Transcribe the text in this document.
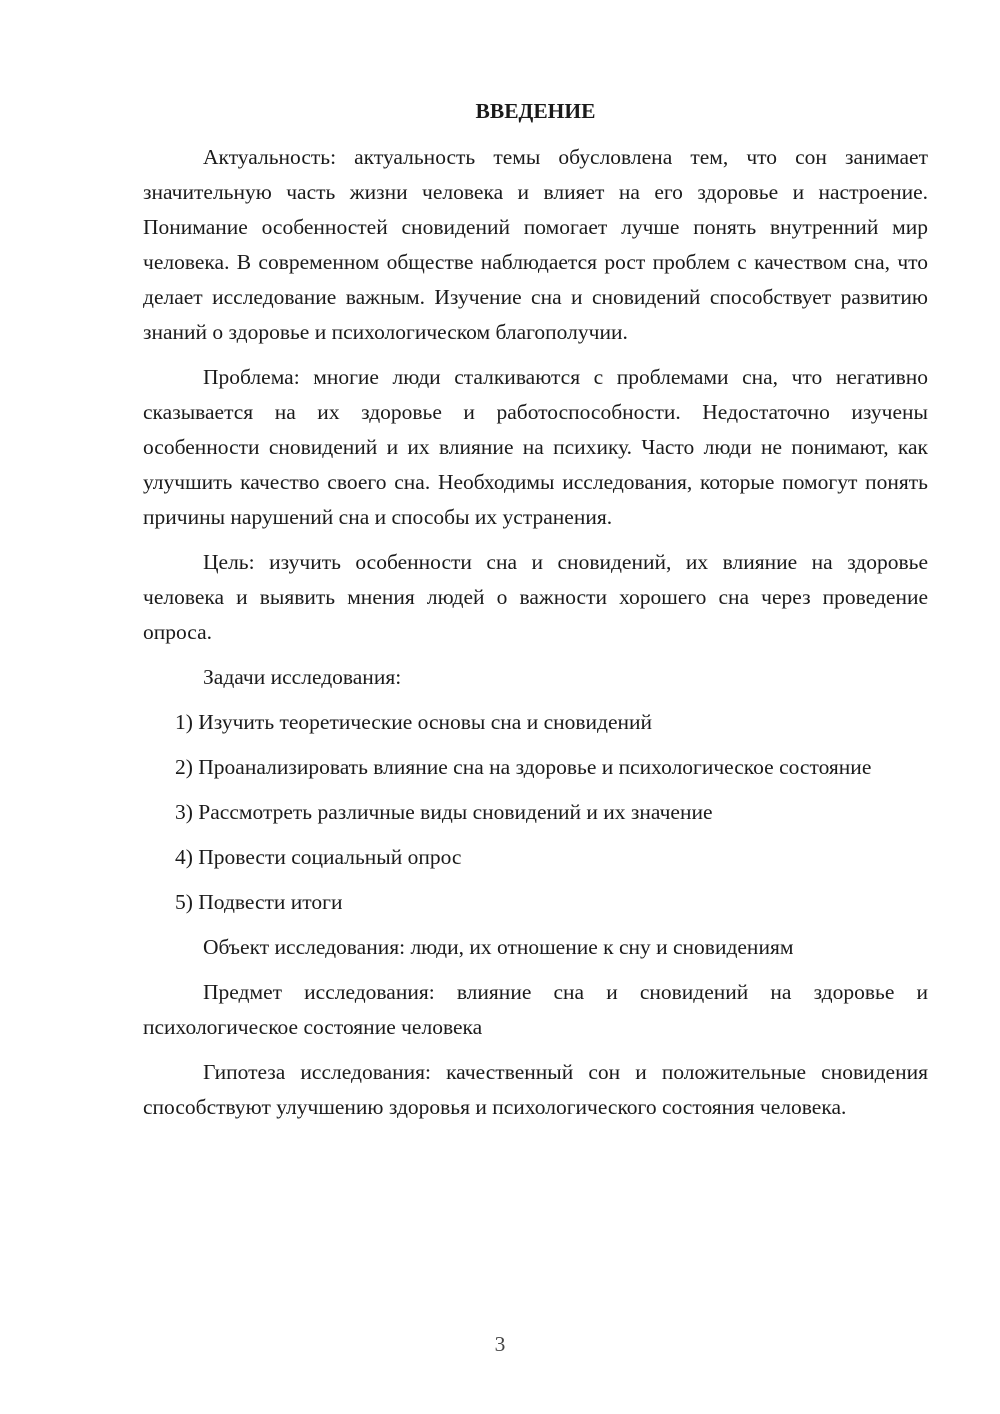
ВВЕДЕНИЕ

Актуальность: актуальность темы обусловлена тем, что сон занимает значительную часть жизни человека и влияет на его здоровье и настроение. Понимание особенностей сновидений помогает лучше понять внутренний мир человека. В современном обществе наблюдается рост проблем с качеством сна, что делает исследование важным. Изучение сна и сновидений способствует развитию знаний о здоровье и психологическом благополучии.

Проблема: многие люди сталкиваются с проблемами сна, что негативно сказывается на их здоровье и работоспособности. Недостаточно изучены особенности сновидений и их влияние на психику. Часто люди не понимают, как улучшить качество своего сна. Необходимы исследования, которые помогут понять причины нарушений сна и способы их устранения.

Цель: изучить особенности сна и сновидений, их влияние на здоровье человека и выявить мнения людей о важности хорошего сна через проведение опроса.

Задачи исследования:

1) Изучить теоретические основы сна и сновидений

2) Проанализировать влияние сна на здоровье и психологическое состояние

3) Рассмотреть различные виды сновидений и их значение

4) Провести социальный опрос

5) Подвести итоги

Объект исследования: люди, их отношение к сну и сновидениям

Предмет исследования: влияние сна и сновидений на здоровье и психологическое состояние человека

Гипотеза исследования: качественный сон и положительные сновидения способствуют улучшению здоровья и психологического состояния человека.

3
